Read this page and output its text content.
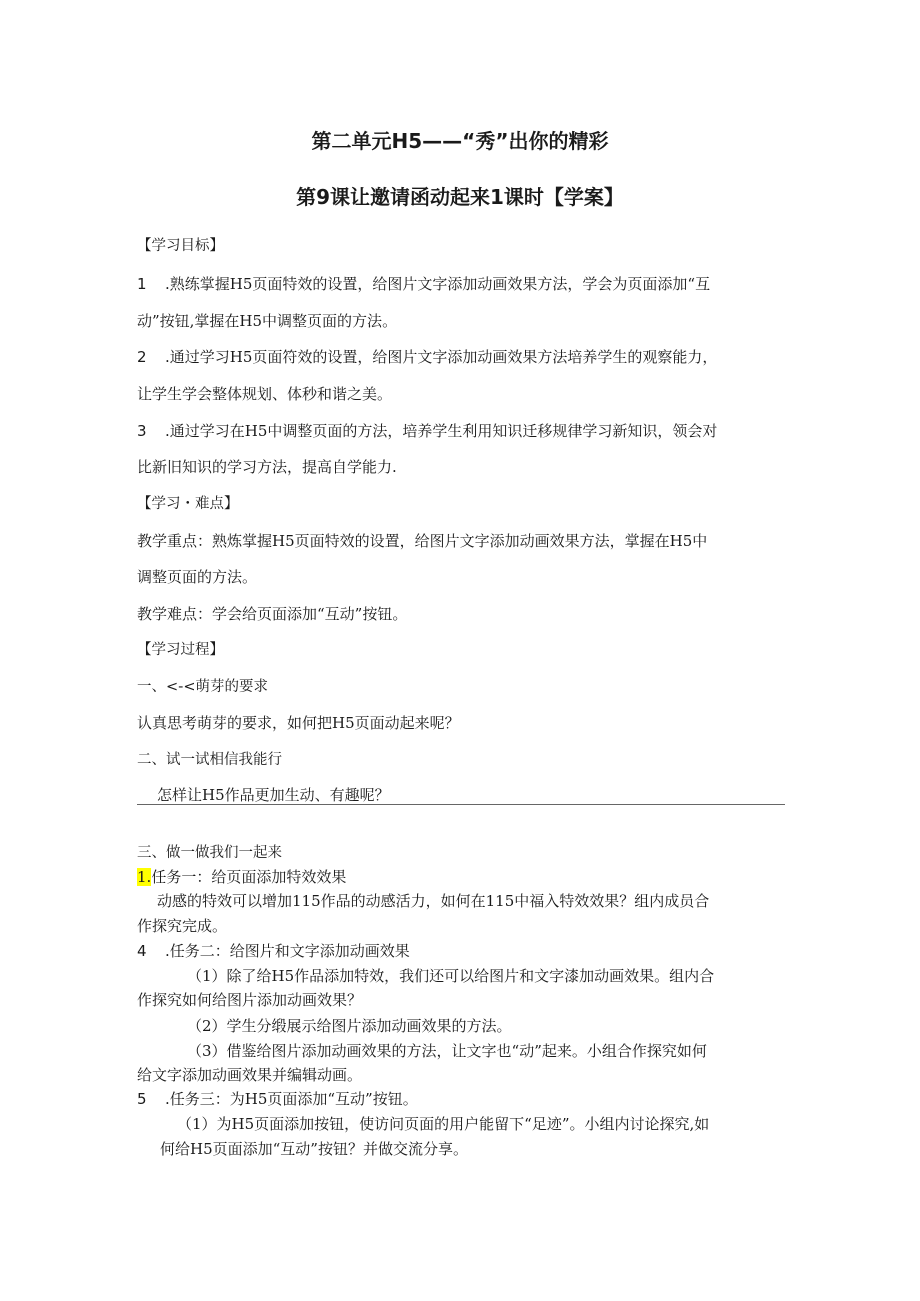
第二单元H5——“秀”出你的精彩
第9课让邀请函动起来1课时【学案】
【学习目标】
1 .熟练掌握H5页面特效的设置，给图片文字添加动画效果方法，学会为页面添加“互
动”按钮,掌握在H5中调整页面的方法。
2 .通过学习H5页面符效的设置，给图片文字添加动画效果方法培养学生的观察能力，
让学生学会整体规划、体秒和谐之美。
3 .通过学习在H5中调整页面的方法，培养学生利用知识迁移规律学习新知识，领会对
比新旧知识的学习方法，提高自学能力.
【学习・难点】
教学重点：熟炼掌握H5页面特效的设置，给图片文字添加动画效果方法，掌握在H5中
调整页面的方法。
教学难点：学会给页面添加“互动”按钮。
【学习过程】
一、<-<萌芽的要求
认真思考萌芽的要求，如何把H5页面动起来呢？
二、试一试相信我能行
怎样让H5作品更加生动、有趣呢？
三、做一做我们一起来
1.任务一：给页面添加特效效果
动感的特效可以增加115作品的动感活力，如何在115中福入特效效果？组内成员合
作探究完成。
4 .任务二：给图片和文字添加动画效果
（1）除了给H5作品添加特效，我们还可以给图片和文字漆加动画效果。组内合
作探究如何给图片添加动画效果？
（2）学生分缎展示给图片添加动画效果的方法。
（3）借鉴给图片添加动画效果的方法，让文字也“动”起来。小组合作探究如何
给文字添加动画效果并编辑动画。
5 .任务三：为H5页面添加“互动”按钮。
（1）为H5页面添加按钮，使访问页面的用户能留下“足迹”。小组内讨论探究,如
何给H5页面添加“互动”按钮？并做交流分享。
